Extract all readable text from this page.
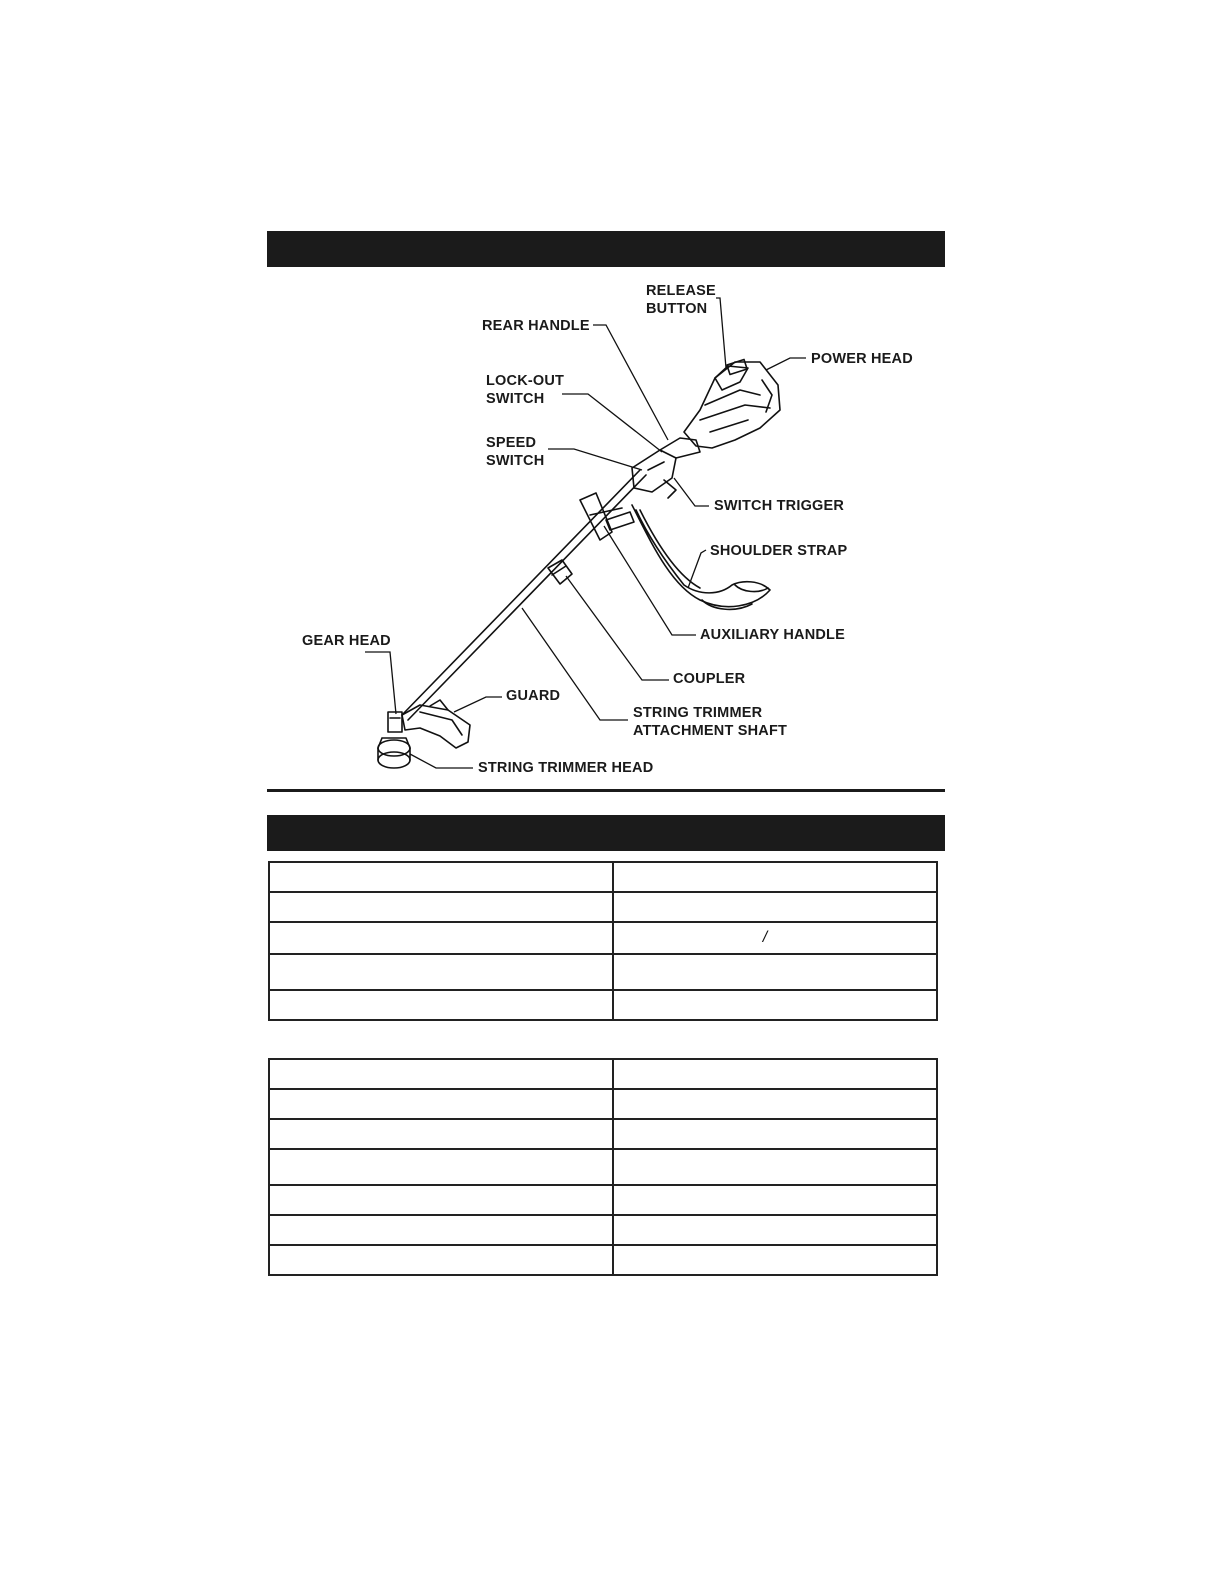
RELEASE
BUTTON
REAR HANDLE
POWER HEAD
LOCK-OUT
SWITCH
SPEED
SWITCH
SWITCH TRIGGER
SHOULDER STRAP
AUXILIARY HANDLE
GEAR HEAD
COUPLER
GUARD
STRING TRIMMER
ATTACHMENT SHAFT
STRING TRIMMER HEAD

	/
